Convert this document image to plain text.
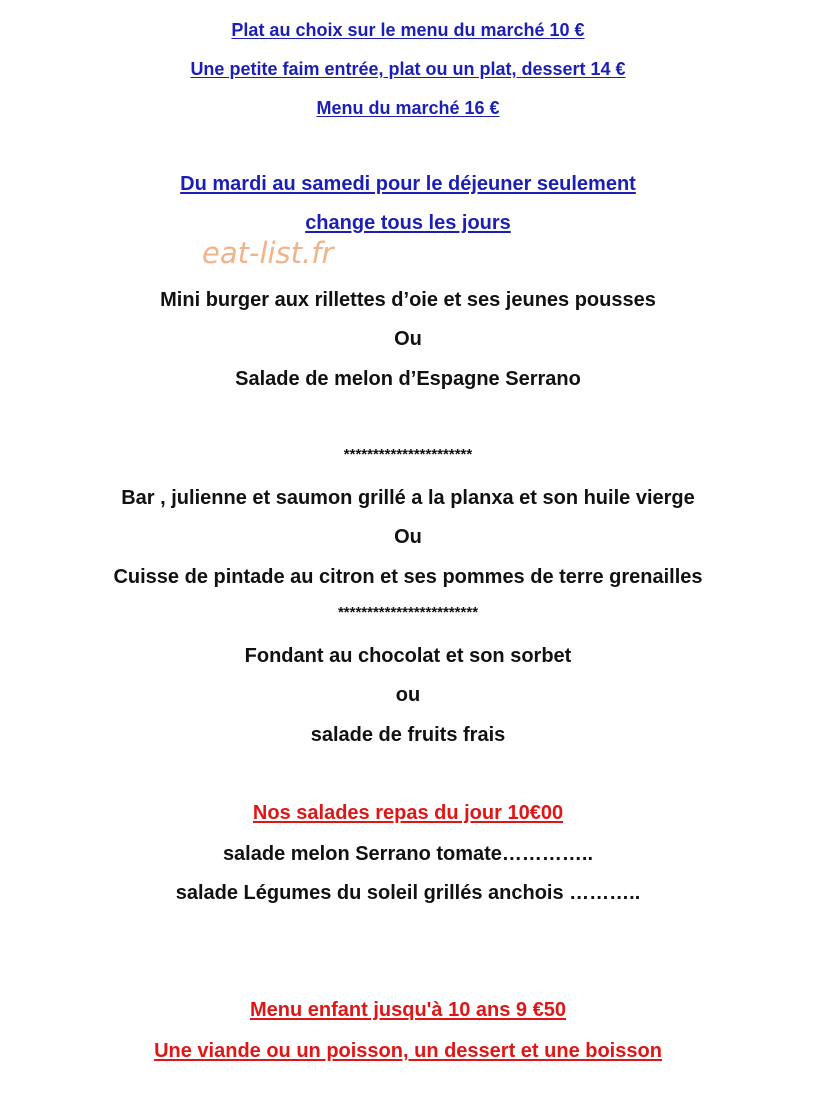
Plat au choix sur le menu du marché 10 €
Une petite faim entrée, plat ou un plat, dessert 14 €
Menu du marché 16 €
Du mardi au samedi pour le déjeuner seulement
change tous les jours
eat-list.fr
Mini burger aux rillettes d’oie et ses jeunes pousses
Ou
Salade de melon d’Espagne Serrano
**********************
Bar , julienne et saumon grillé a la planxa et son huile vierge
Ou
Cuisse de pintade au citron et ses pommes de terre grenailles
************************
Fondant au chocolat et son sorbet
ou
salade de fruits frais
Nos salades repas du jour 10€00
salade melon Serrano tomate…………..
salade Légumes du soleil grillés anchois ………..
Menu enfant jusqu'à 10 ans 9 €50
Une viande ou un poisson, un dessert et une boisson
